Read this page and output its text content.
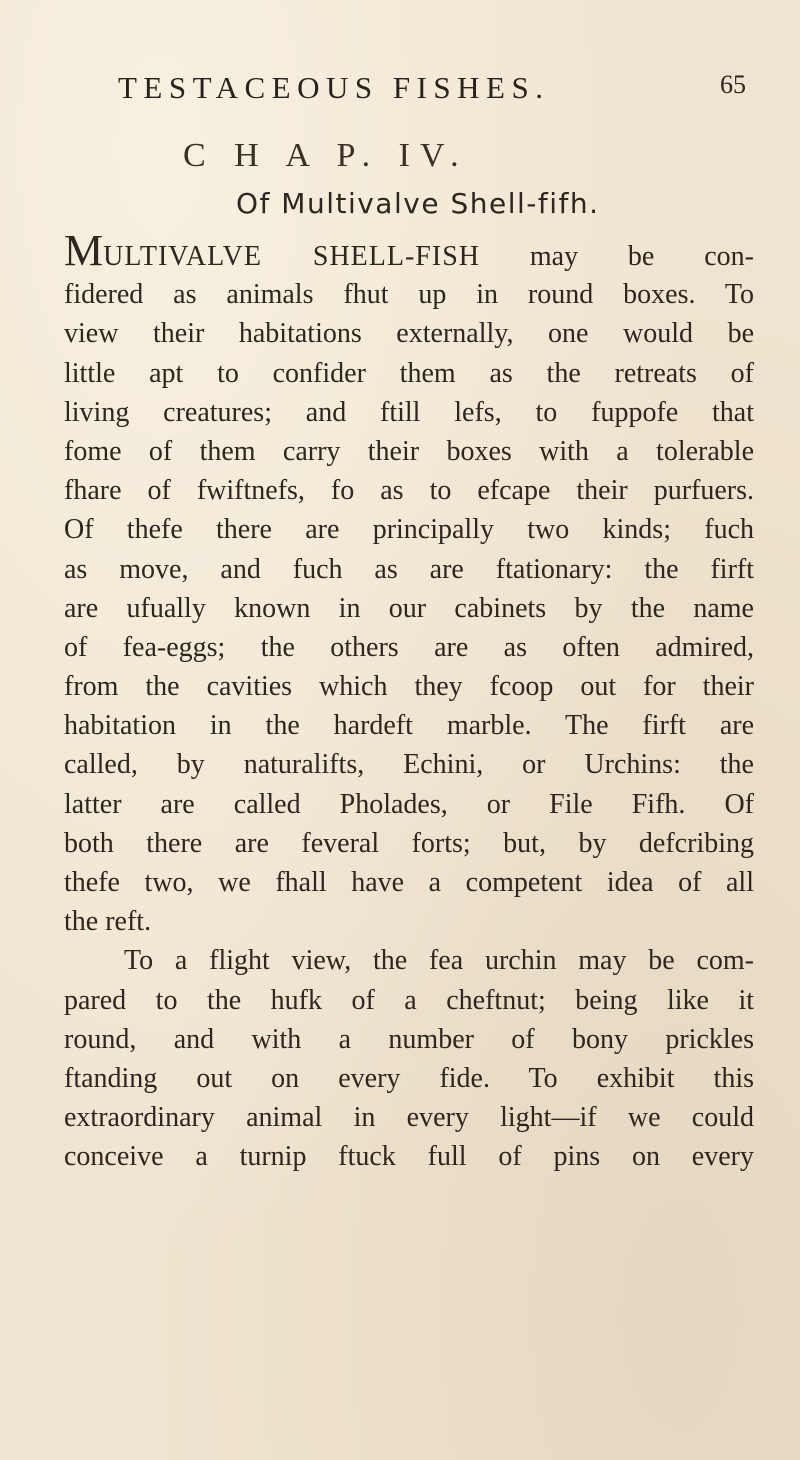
TESTACEOUS FISHES.	65
C H A P. IV.
Of Multivalve Shell-fifh.
MULTIVALVE SHELL-FISH may be con-
fidered as animals fhut up in round boxes. To
view their habitations externally, one would be
little apt to confider them as the retreats of
living creatures; and ftill lefs, to fuppofe that
fome of them carry their boxes with a tolerable
fhare of fwiftnefs, fo as to efcape their purfuers.
Of thefe there are principally two kinds; fuch
as move, and fuch as are ftationary: the firft
are ufually known in our cabinets by the name
of fea-eggs; the others are as often admired,
from the cavities which they fcoop out for their
habitation in the hardeft marble. The firft are
called, by naturalifts, Echini, or Urchins: the
latter are called Pholades, or File Fifh. Of
both there are feveral forts; but, by defcribing
thefe two, we fhall have a competent idea of all
the reft.
To a flight view, the fea urchin may be com-
pared to the hufk of a cheftnut; being like it
round, and with a number of bony prickles
ftanding out on every fide. To exhibit this
extraordinary animal in every light—if we could
conceive a turnip ftuck full of pins on every
